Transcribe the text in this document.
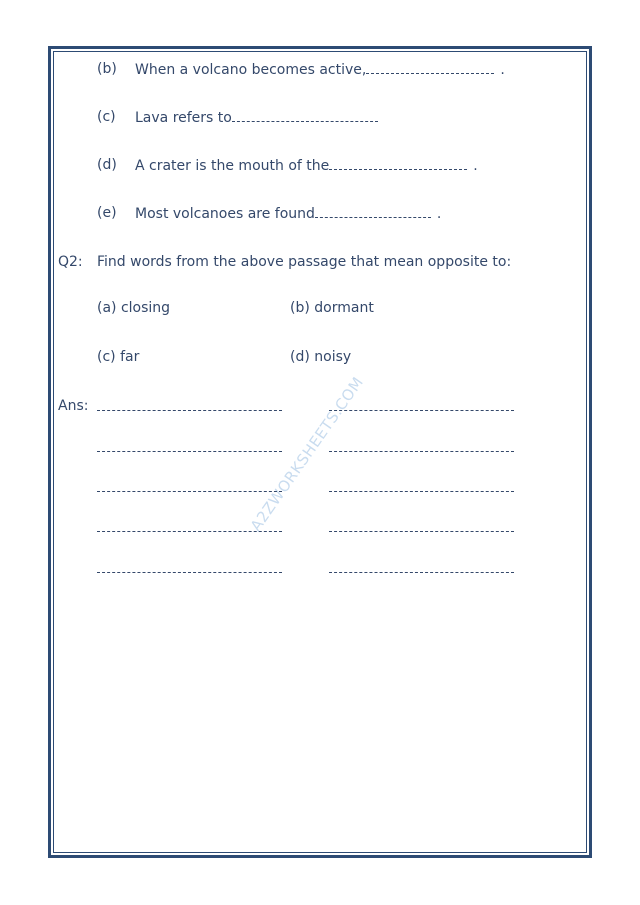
A2ZWORKSHEETS.COM
(b) When a volcano becomes active,	.
(c) Lava refers to
(d) A crater is the mouth of the	.
(e) Most volcanoes are found	.
Q2: Find words from the above passage that mean opposite to:
(a) closing	(b) dormant
(c) far	(d) noisy
Ans:
